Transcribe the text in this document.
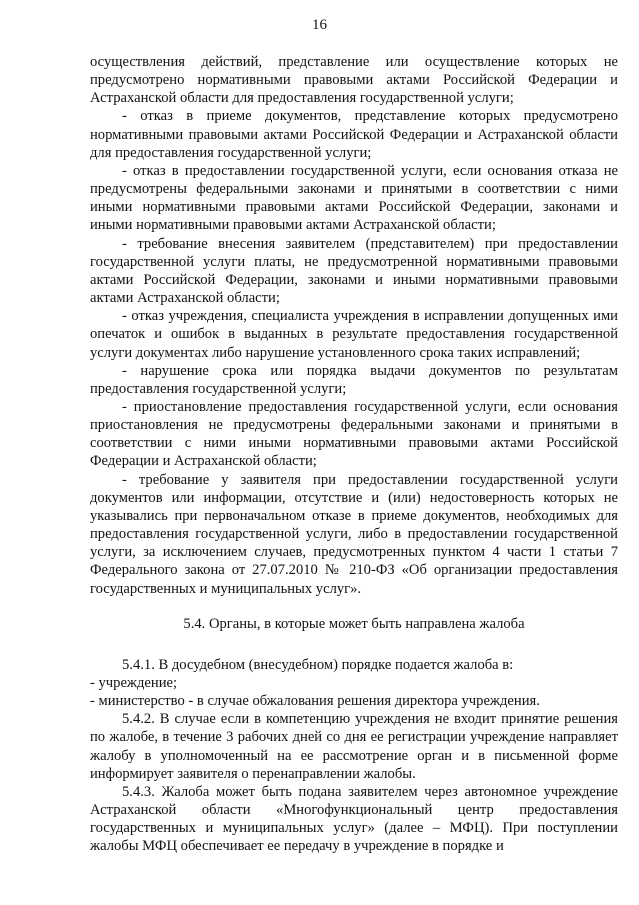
16

осуществления действий, представление или осуществление которых не предусмотрено нормативными правовыми актами Российской Федерации и Астраханской области для предоставления государственной услуги;

- отказ в приеме документов, представление которых предусмотрено нормативными правовыми актами Российской Федерации и Астраханской области для предоставления государственной услуги;

- отказ в предоставлении государственной услуги, если основания отказа не предусмотрены федеральными законами и принятыми в соответствии с ними иными нормативными правовыми актами Российской Федерации, законами и иными нормативными правовыми актами Астраханской области;

- требование внесения заявителем (представителем) при предоставлении государственной услуги платы, не предусмотренной нормативными правовыми актами Российской Федерации, законами и иными нормативными правовыми актами Астраханской области;

- отказ учреждения, специалиста учреждения в исправлении допущенных ими опечаток и ошибок в выданных в результате предоставления государственной услуги документах либо нарушение установленного срока таких исправлений;

- нарушение срока или порядка выдачи документов по результатам предоставления государственной услуги;

- приостановление предоставления государственной услуги, если основания приостановления не предусмотрены федеральными законами и принятыми в соответствии с ними иными нормативными правовыми актами Российской Федерации и Астраханской области;

- требование у заявителя при предоставлении государственной услуги документов или информации, отсутствие и (или) недостоверность которых не указывались при первоначальном отказе в приеме документов, необходимых для предоставления государственной услуги, либо в предоставлении государственной услуги, за исключением случаев, предусмотренных пунктом 4 части 1 статьи 7 Федерального закона от 27.07.2010 № 210-ФЗ «Об организации предоставления государственных и муниципальных услуг».

5.4. Органы, в которые может быть направлена жалоба

5.4.1. В досудебном (внесудебном) порядке подается жалоба в:

- учреждение;

- министерство - в случае обжалования решения директора учреждения.

5.4.2. В случае если в компетенцию учреждения не входит принятие решения по жалобе, в течение 3 рабочих дней со дня ее регистрации учреждение направляет жалобу в уполномоченный на ее рассмотрение орган и в письменной форме информирует заявителя о перенаправлении жалобы.

5.4.3. Жалоба может быть подана заявителем через автономное учреждение Астраханской области «Многофункциональный центр предоставления государственных и муниципальных услуг» (далее – МФЦ). При поступлении жалобы МФЦ обеспечивает ее передачу в учреждение в порядке и
